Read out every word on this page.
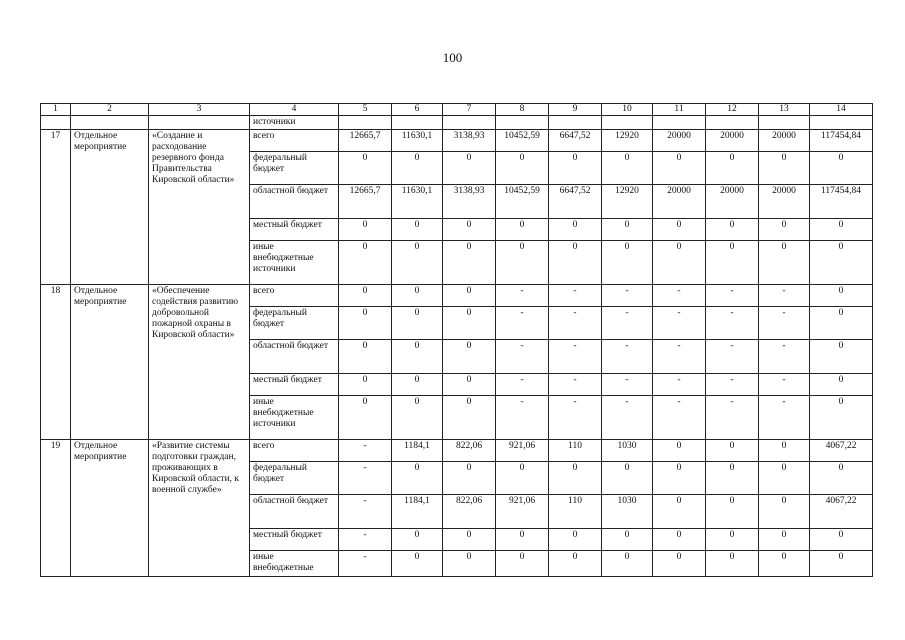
100
1	2	3	4	5	6	7	8	9	10	11	12	13	14
			источники										
17	Отдельное мероприятие	«Создание и расходование резервного фонда Правительства Кировской области»	всего	12665,7	11630,1	3138,93	10452,59	6647,52	12920	20000	20000	20000	117454,84
			федеральный бюджет	0	0	0	0	0	0	0	0	0	0
			областной бюджет	12665,7	11630,1	3138,93	10452,59	6647,52	12920	20000	20000	20000	117454,84
			местный бюджет	0	0	0	0	0	0	0	0	0	0
			иные внебюджетные источники	0	0	0	0	0	0	0	0	0	0
18	Отдельное мероприятие	«Обеспечение содействия развитию добровольной пожарной охраны в Кировской области»	всего	0	0	0	-	-	-	-	-	-	0
			федеральный бюджет	0	0	0	-	-	-	-	-	-	0
			областной бюджет	0	0	0	-	-	-	-	-	-	0
			местный бюджет	0	0	0	-	-	-	-	-	-	0
			иные внебюджетные источники	0	0	0	-	-	-	-	-	-	0
19	Отдельное мероприятие	«Развитие системы подготовки граждан, проживающих в Кировской области, к военной службе»	всего	-	1184,1	822,06	921,06	110	1030	0	0	0	4067,22
			федеральный бюджет	-	0	0	0	0	0	0	0	0	0
			областной бюджет	-	1184,1	822,06	921,06	110	1030	0	0	0	4067,22
			местный бюджет	-	0	0	0	0	0	0	0	0	0
			иные внебюджетные	-	0	0	0	0	0	0	0	0	0
